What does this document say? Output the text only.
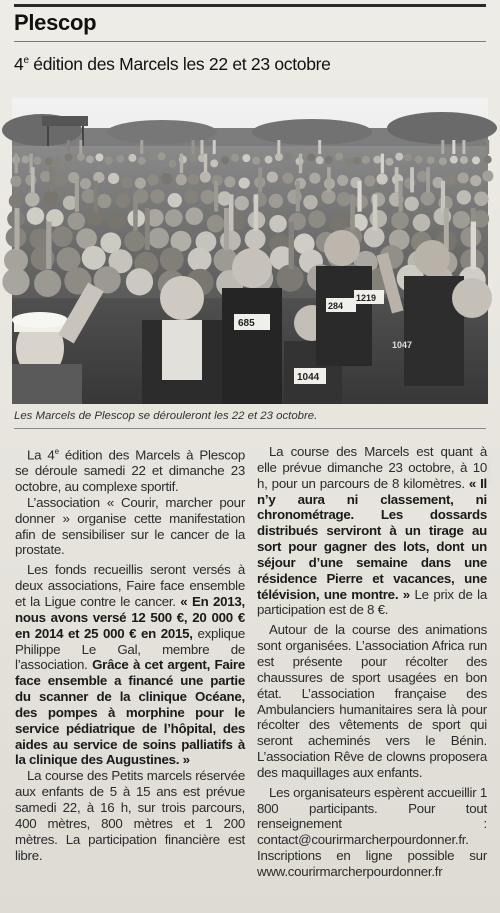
Plescop
4e édition des Marcels les 22 et 23 octobre
685
284
1219
1047
1044
Archives
Les Marcels de Plescop se dérouleront les 22 et 23 octobre.

La 4e édition des Marcels à Plescop se déroule samedi 22 et dimanche 23 octobre, au complexe sportif.

L’association « Courir, marcher pour donner » organise cette manifestation afin de sensibiliser sur le cancer de la prostate.

Les fonds recueillis seront versés à deux associations, Faire face ensemble et la Ligue contre le cancer. « En 2013, nous avons versé 12 500 €, 20 000 € en 2014 et 25 000 € en 2015, explique Philippe Le Gal, membre de l’association. Grâce à cet argent, Faire face ensemble a financé une partie du scanner de la clinique Océane, des pompes à morphine pour le service pédiatrique de l’hôpital, des aides au service de soins palliatifs à la clinique des Augustines. »

La course des Petits marcels réservée aux enfants de 5 à 15 ans est prévue samedi 22, à 16 h, sur trois parcours, 400 mètres, 800 mètres et 1 200 mètres. La participation financière est libre.

La course des Marcels est quant à elle prévue dimanche 23 octobre, à 10 h, pour un parcours de 8 kilomètres. « Il n’y aura ni classement, ni chronométrage. Les dossards distribués serviront à un tirage au sort pour gagner des lots, dont un séjour d’une semaine dans une résidence Pierre et vacances, une télévision, une montre. » Le prix de la participation est de 8 €.

Autour de la course des animations sont organisées. L’association Africa run est présente pour récolter des chaussures de sport usagées en bon état. L’association française des Ambulanciers humanitaires sera là pour récolter des vêtements de sport qui seront acheminés vers le Bénin. L’association Rêve de clowns proposera des maquillages aux enfants.

Les organisateurs espèrent accueillir 1 800 participants. Pour tout renseignement : contact@courirmarcherpourdonner.fr. Inscriptions en ligne possible sur www.courirmarcherpourdonner.fr
